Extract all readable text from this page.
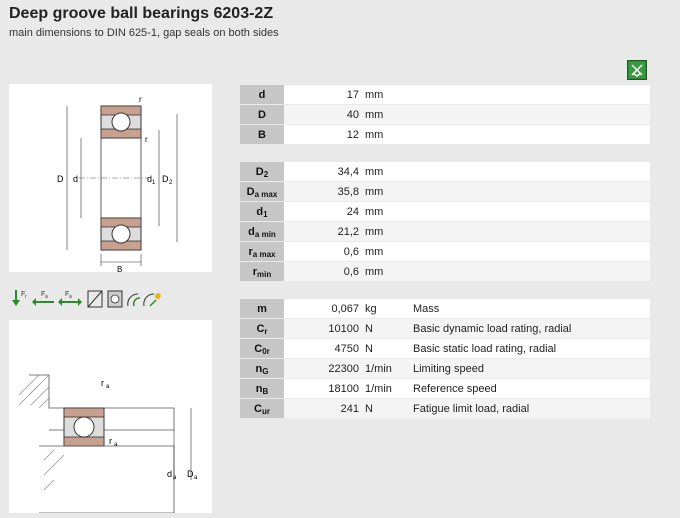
Deep groove ball bearings 6203-2Z
main dimensions to DIN 625-1, gap seals on both sides
r
r
D d	d 1 D 2
B
F r F a F a
r a
r a
d a D a
d	17	mm	
D	40	mm	
B	12	mm	
D2	34,4	mm	
Da max	35,8	mm	
d1	24	mm	
da min	21,2	mm	
ra max	0,6	mm	
rmin	0,6	mm	
m	0,067	kg	Mass
Cr	10100	N	Basic dynamic load rating, radial
C0r	4750	N	Basic static load rating, radial
nG	22300	1/min	Limiting speed
nB	18100	1/min	Reference speed
Cur	241	N	Fatigue limit load, radial
